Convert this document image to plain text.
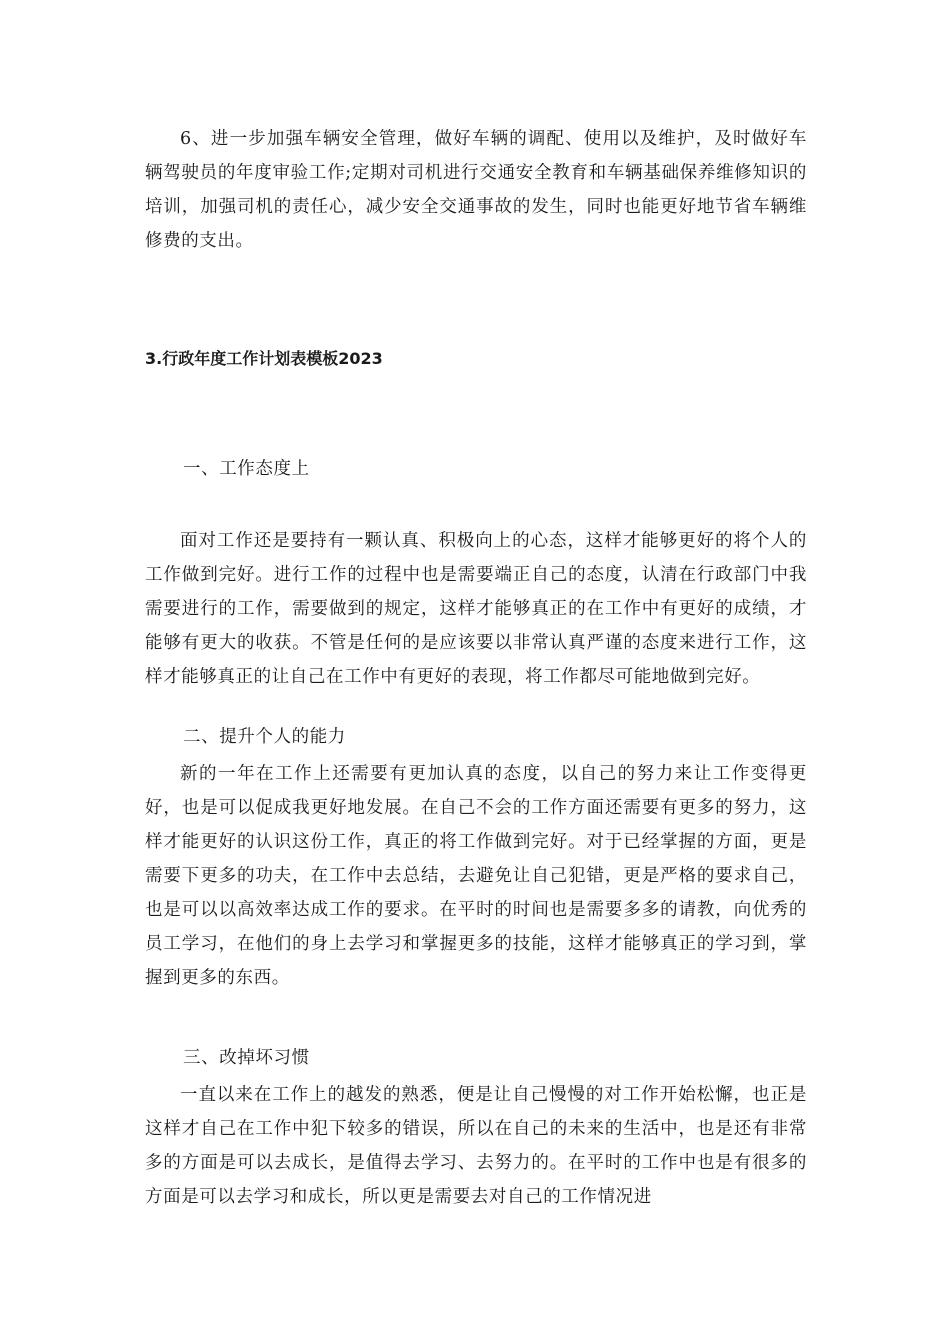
6、进一步加强车辆安全管理，做好车辆的调配、使用以及维护，及时做好车辆驾驶员的年度审验工作;定期对司机进行交通安全教育和车辆基础保养维修知识的培训，加强司机的责任心，减少安全交通事故的发生，同时也能更好地节省车辆维修费的支出。

3.行政年度工作计划表模板2023

一、工作态度上

面对工作还是要持有一颗认真、积极向上的心态，这样才能够更好的将个人的工作做到完好。进行工作的过程中也是需要端正自己的态度，认清在行政部门中我需要进行的工作，需要做到的规定，这样才能够真正的在工作中有更好的成绩，才能够有更大的收获。不管是任何的是应该要以非常认真严谨的态度来进行工作，这样才能够真正的让自己在工作中有更好的表现，将工作都尽可能地做到完好。

二、提升个人的能力

新的一年在工作上还需要有更加认真的态度，以自己的努力来让工作变得更好，也是可以促成我更好地发展。在自己不会的工作方面还需要有更多的努力，这样才能更好的认识这份工作，真正的将工作做到完好。对于已经掌握的方面，更是需要下更多的功夫，在工作中去总结，去避免让自己犯错，更是严格的要求自己，也是可以以高效率达成工作的要求。在平时的时间也是需要多多的请教，向优秀的员工学习，在他们的身上去学习和掌握更多的技能，这样才能够真正的学习到，掌握到更多的东西。

三、改掉坏习惯

一直以来在工作上的越发的熟悉，便是让自己慢慢的对工作开始松懈，也正是这样才自己在工作中犯下较多的错误，所以在自己的未来的生活中，也是还有非常多的方面是可以去成长，是值得去学习、去努力的。在平时的工作中也是有很多的方面是可以去学习和成长，所以更是需要去对自己的工作情况进
